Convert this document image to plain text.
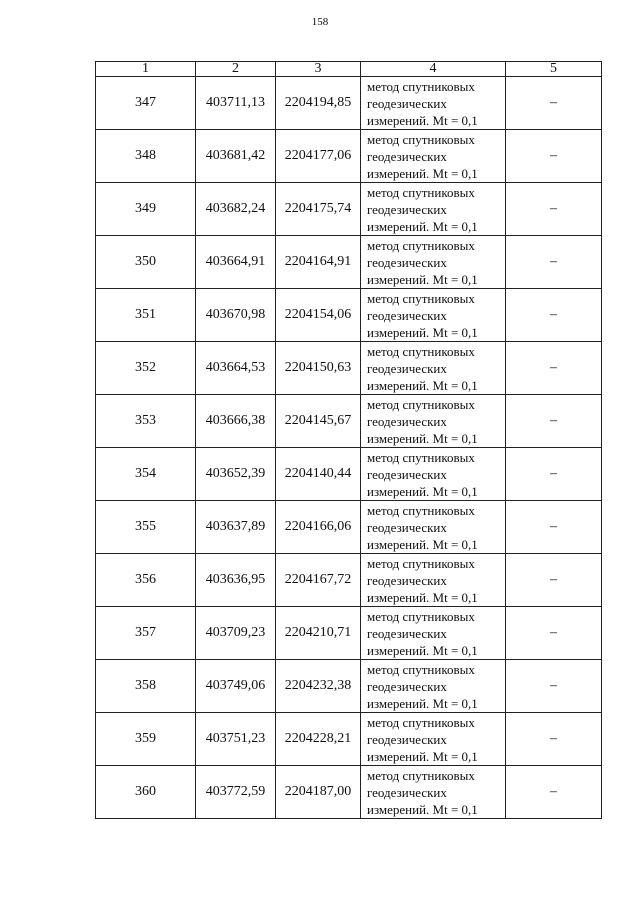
158
1	2	3	4	5
347	403711,13	2204194,85	метод спутниковых
геодезических
измерений. Mt = 0,1	–
348	403681,42	2204177,06	метод спутниковых
геодезических
измерений. Mt = 0,1	–
349	403682,24	2204175,74	метод спутниковых
геодезических
измерений. Mt = 0,1	–
350	403664,91	2204164,91	метод спутниковых
геодезических
измерений. Mt = 0,1	–
351	403670,98	2204154,06	метод спутниковых
геодезических
измерений. Mt = 0,1	–
352	403664,53	2204150,63	метод спутниковых
геодезических
измерений. Mt = 0,1	–
353	403666,38	2204145,67	метод спутниковых
геодезических
измерений. Mt = 0,1	–
354	403652,39	2204140,44	метод спутниковых
геодезических
измерений. Mt = 0,1	–
355	403637,89	2204166,06	метод спутниковых
геодезических
измерений. Mt = 0,1	–
356	403636,95	2204167,72	метод спутниковых
геодезических
измерений. Mt = 0,1	–
357	403709,23	2204210,71	метод спутниковых
геодезических
измерений. Mt = 0,1	–
358	403749,06	2204232,38	метод спутниковых
геодезических
измерений. Mt = 0,1	–
359	403751,23	2204228,21	метод спутниковых
геодезических
измерений. Mt = 0,1	–
360	403772,59	2204187,00	метод спутниковых
геодезических
измерений. Mt = 0,1	–
